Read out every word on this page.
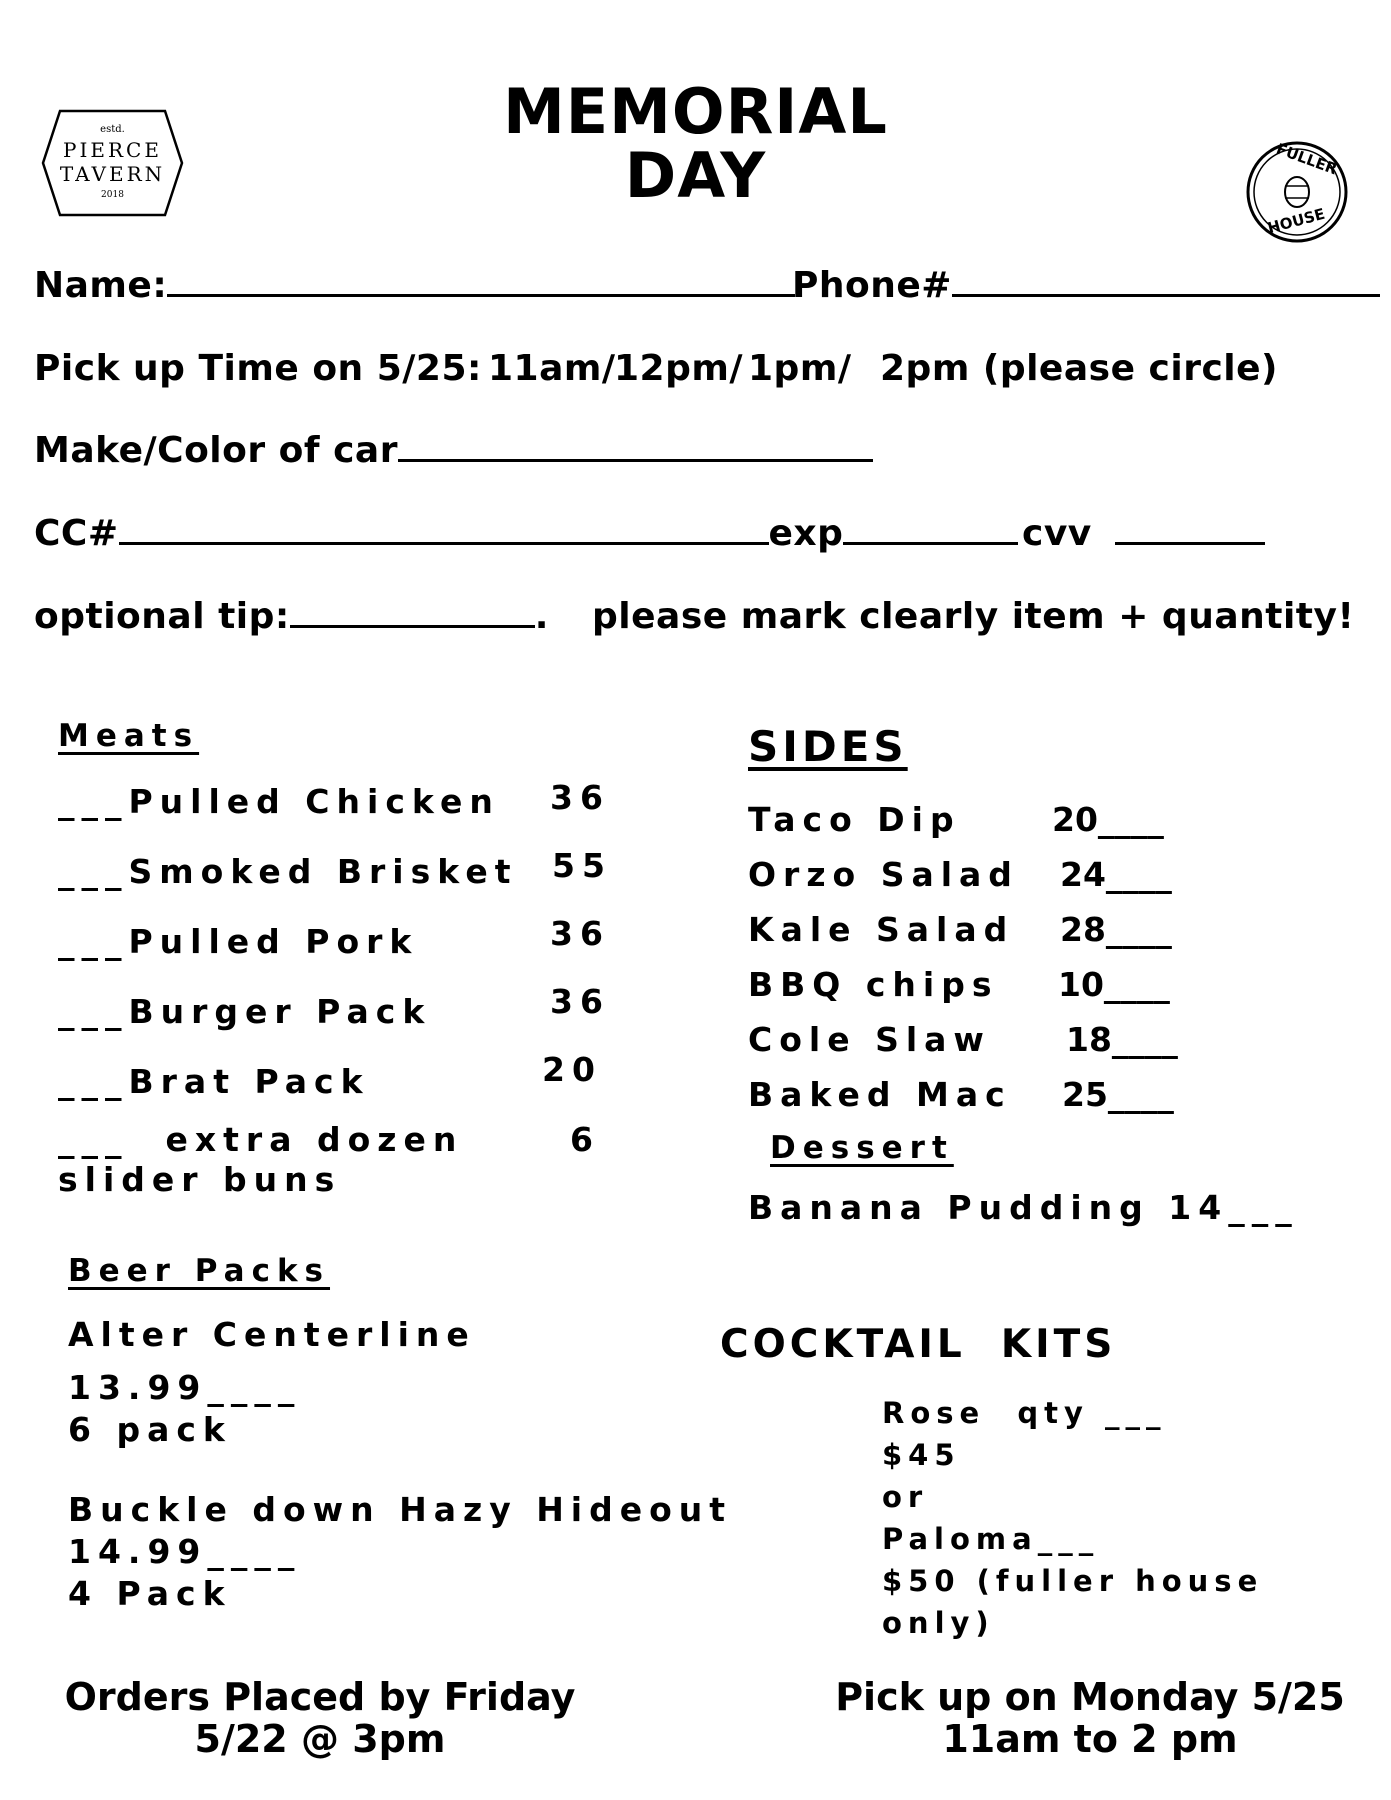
MEMORIAL
DAY
estd.
PIERCE
TAVERN
2018
FULLER
HOUSE
Name:	Phone#
Pick up Time on 5/25: 11am/
12pm/ 1pm/ 2pm (please circle)
Make/Color of car
CC#	exp	cvv
optional tip:	. please mark clearly item + quantity!
Meats
___Pulled Chicken 36
___Smoked Brisket 55
___Pulled Pork	36
___Burger Pack	36
___Brat Pack	20
___ extra dozen	6
slider buns
SIDES
Taco Dip	20____
Orzo Salad 24____
Kale Salad 28____
BBQ chips 10____
Cole Slaw 18____
Baked Mac 25____
Dessert
Banana Pudding 14___
Beer Packs
Alter Centerline
13.99____
6 pack
Buckle down Hazy Hideout
14.99____
4 Pack
COCKTAIL  KITS
Rose  qty ___
$45
or
Paloma___
$50 (fuller house
only)
Orders Placed by Friday
5/22 @ 3pm
Pick up on Monday 5/25
11am to 2 pm
